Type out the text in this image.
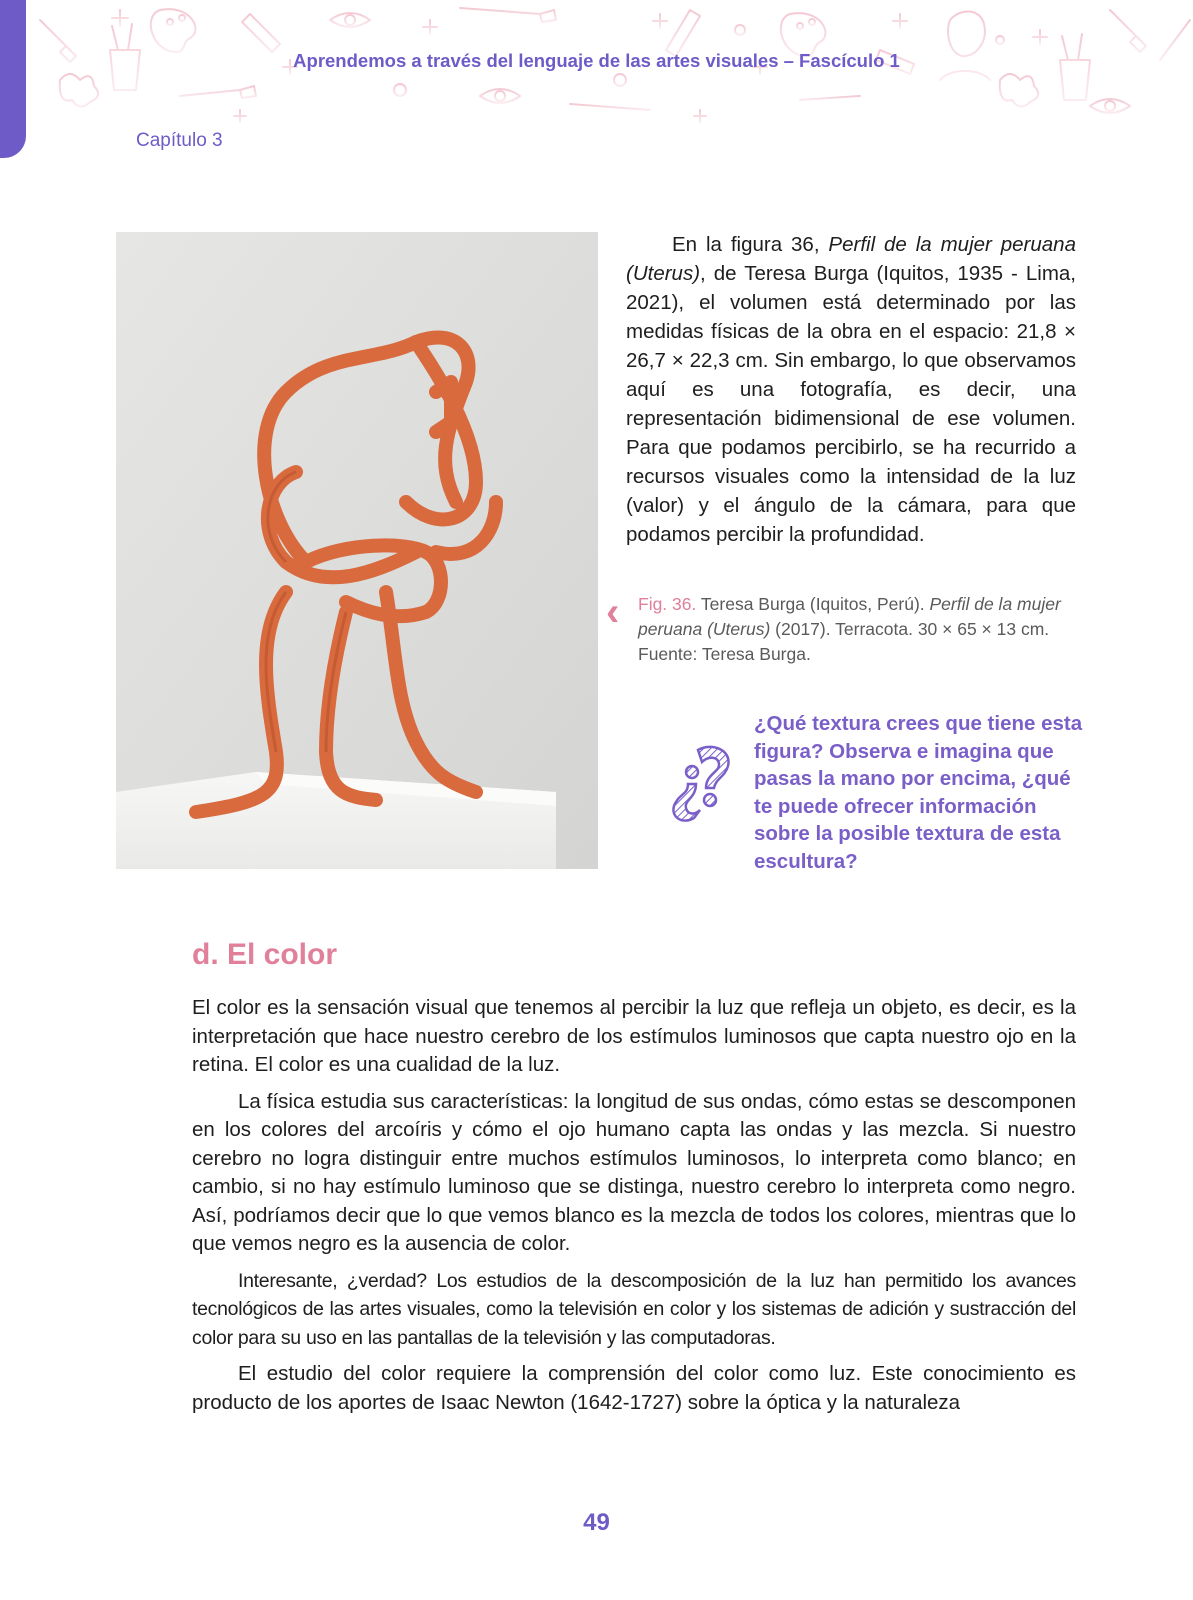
Aprendemos a través del lenguaje de las artes visuales – Fascículo 1
Capítulo 3

En la figura 36, Perfil de la mujer peruana (Uterus), de Teresa Burga (Iquitos, 1935 - Lima, 2021), el volumen está determinado por las medidas físicas de la obra en el espacio: 21,8 × 26,7 × 22,3 cm. Sin embargo, lo que observamos aquí es una fotografía, es decir, una representación bidimensional de ese volumen. Para que podamos percibirlo, se ha recurrido a recursos visuales como la intensidad de la luz (valor) y el ángulo de la cámara, para que podamos percibir la profundidad.

‹ Fig. 36. Teresa Burga (Iquitos, Perú). Perfil de la mujer peruana (Uterus) (2017). Terracota. 30 × 65 × 13 cm. Fuente: Teresa Burga.
¿Qué textura crees que tiene esta figura? Observa e imagina que pasas la mano por encima, ¿qué te puede ofrecer información sobre la posible textura de esta escultura?
d. El color

El color es la sensación visual que tenemos al percibir la luz que refleja un objeto, es decir, es la interpretación que hace nuestro cerebro de los estímulos luminosos que capta nuestro ojo en la retina. El color es una cualidad de la luz.

La física estudia sus características: la longitud de sus ondas, cómo estas se descomponen en los colores del arcoíris y cómo el ojo humano capta las ondas y las mezcla. Si nuestro cerebro no logra distinguir entre muchos estímulos luminosos, lo interpreta como blanco; en cambio, si no hay estímulo luminoso que se distinga, nuestro cerebro lo interpreta como negro. Así, podríamos decir que lo que vemos blanco es la mezcla de todos los colores, mientras que lo que vemos negro es la ausencia de color.

Interesante, ¿verdad? Los estudios de la descomposición de la luz han permitido los avances tecnológicos de las artes visuales, como la televisión en color y los sistemas de adición y sustracción del color para su uso en las pantallas de la televisión y las computadoras.

El estudio del color requiere la comprensión del color como luz. Este conocimiento es producto de los aportes de Isaac Newton (1642-1727) sobre la óptica y la naturaleza

49
